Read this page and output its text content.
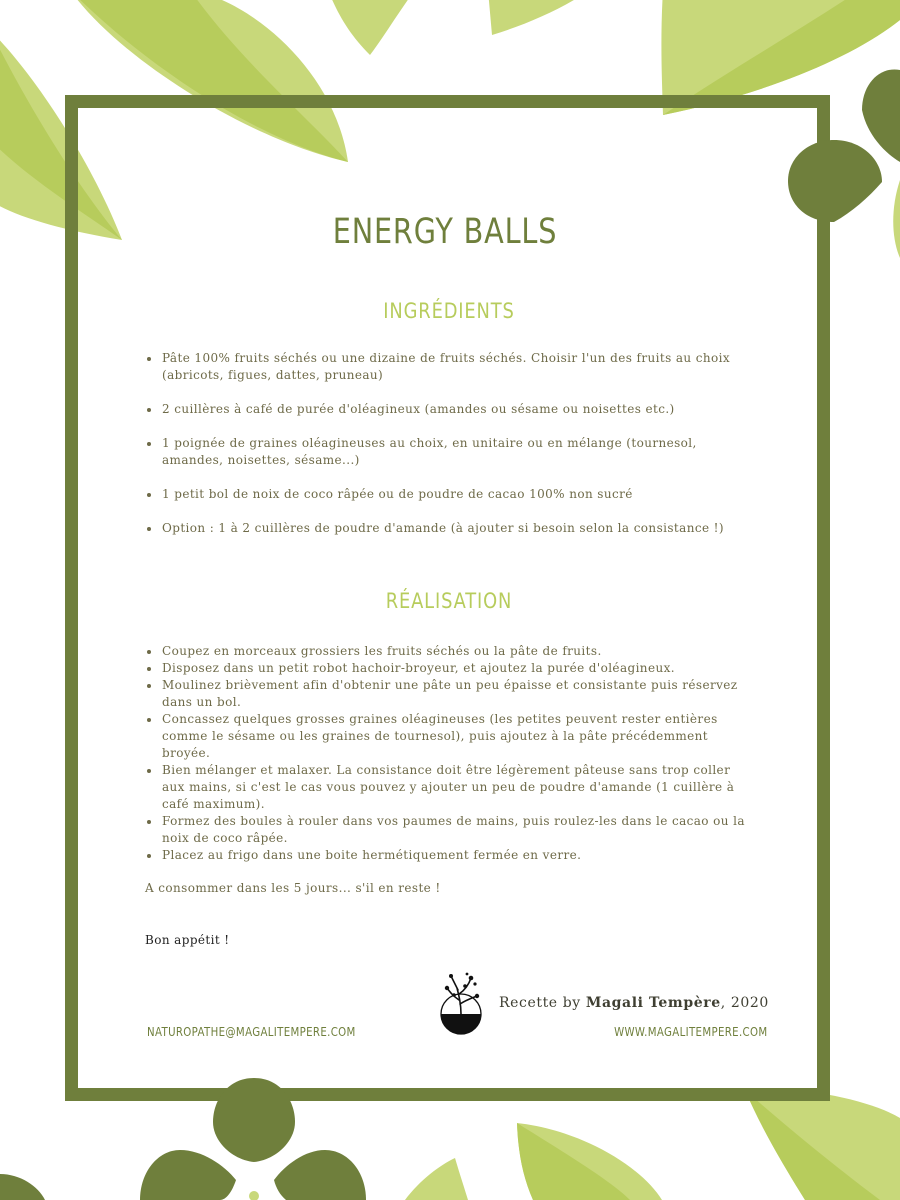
ENERGY BALLS
INGRÉDIENTS
Pâte 100% fruits séchés ou une dizaine de fruits séchés. Choisir l'un des fruits au choix (abricots, figues, dattes, pruneau)
2 cuillères à café de purée d'oléagineux (amandes ou sésame ou noisettes etc.)
1 poignée de graines oléagineuses au choix, en unitaire ou en mélange (tournesol, amandes, noisettes, sésame...)
1 petit bol de noix de coco râpée ou de poudre de cacao 100% non sucré
Option : 1 à 2 cuillères de poudre d'amande (à ajouter si besoin selon la consistance !)
RÉALISATION
Coupez en morceaux grossiers les fruits séchés ou la pâte de fruits.
Disposez dans un petit robot hachoir-broyeur, et ajoutez la purée d'oléagineux.
Moulinez brièvement afin d'obtenir une pâte un peu épaisse et consistante puis réservez dans un bol.
Concassez quelques grosses graines oléagineuses (les petites peuvent rester entières comme le sésame ou les graines de tournesol), puis ajoutez à la pâte précédemment broyée.
Bien mélanger et malaxer. La consistance doit être légèrement pâteuse sans trop coller aux mains, si c'est le cas vous pouvez y ajouter un peu de poudre d'amande (1 cuillère à café maximum).
Formez des boules à rouler dans vos paumes de mains, puis roulez-les dans le cacao ou la noix de coco râpée.
Placez au frigo dans une boite hermétiquement fermée en verre.
A consommer dans les 5 jours... s'il en reste !
Bon appétit !
Recette by Magali Tempère, 2020
NATUROPATHE@MAGALITEMPERE.COM	WWW.MAGALITEMPERE.COM
